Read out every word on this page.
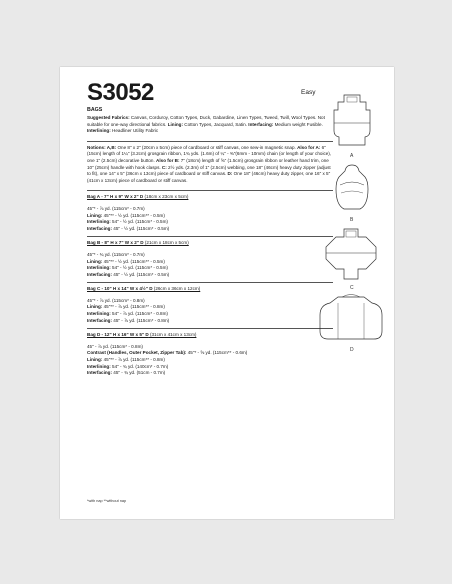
S3052	Easy
BAGS

Suggested Fabrics: Canvas, Corduroy, Cotton Types, Duck, Gabardine, Linen Types, Tweed, Twill, Wool Types. Not suitable for one-way directional fabrics. Lining: Cotton Types, Jacquard, Satin. Interfacing: Medium weight Fusible. Interlining: Headliner Utility Fabric

Notions: A,B: One 8" x 2" (20cm x 5cm) piece of cardboard or stiff canvas, one sew-in magnetic snap. Also for A: 6" (15cm) length of 1¼" (3.2cm) grosgrain ribbon, 1¾ yds. (1.6m) of ¼" - ⅜"(6mm - 10mm) chain (or length of your choice), one 1" (2.5cm) decorative button. Also for B: 7" (18cm) length of ⅝" (1.5cm) grosgrain ribbon or leather hand trim, one 10" (25cm) handle with hook clasps. C: 2½ yds. (2.3m) of 1" (2.5cm) webbing, one 18" (46cm) heavy duty zipper (adjust to fit), one 14" x 5" (36cm x 13cm) piece of cardboard or stiff canvas. D: One 18" (46cm) heavy duty zipper, one 16" x 5" (41cm x 13cm) piece of cardboard or stiff canvas.

Bag A - 7" H x 9" W x 2" D (18cm x 23cm x 5cm)
45"* - ⅞ yd. (115cm* - 0.7m)
Lining: 45"** - ½ yd. (115cm** - 0.5m)
Interlining: 54" - ½ yd. (115cm* - 0.5m)
Interfacing: 45" - ½ yd. (115cm* - 0.5m)
Bag B - 8" H x 7" W x 2" D (21cm x 18cm x 5cm)
45"* - ¾ yd. (115cm* - 0.7m)
Lining: 45"** - ½ yd. (115cm** - 0.5m)
Interlining: 54" - ½ yd. (115cm* - 0.5m)
Interfacing: 45" - ½ yd. (115cm* - 0.5m)
Bag C - 10" H x 14" W x 4½" D (26cm x 36cm x 12cm)
45"* - ⅞ yd. (115cm* - 0.8m)
Lining: 45"** - ⅞ yd. (115cm** - 0.8m)
Interlining: 54" - ⅞ yd. (115cm* - 0.8m)
Interfacing: 45" - ⅞ yd. (115cm* - 0.8m)
Bag D - 12" H x 16" W x 5" D (31cm x 41cm x 13cm)
45" - ⅞ yd. (115cm* - 0.8m)
Contrast (Handles, Outer Pocket, Zipper Tab): 45"* - ⅝ yd. (115cm** - 0.6m)
Lining: 45"** - ⅞ yd. (115cm** - 0.8m)
Interlining: 54" - ¾ yd. (140cm* - 0.7m)
Interfacing: 45" - ¾ yd. (51cm - 0.7m)
*with nap **without nap
A
B
C
D
